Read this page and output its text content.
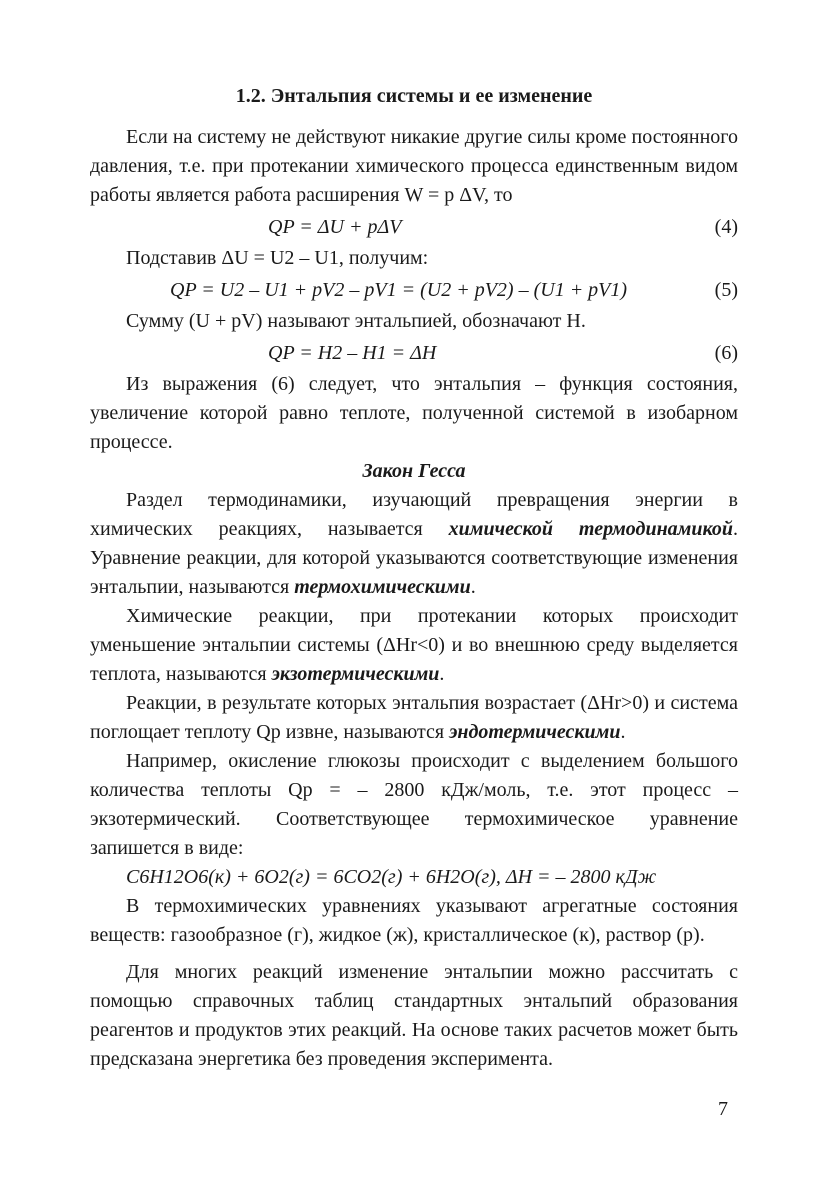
1.2. Энтальпия системы и ее изменение

Если на систему не действуют никакие другие силы кроме постоянного давления, т.е. при протекании химического процесса единственным видом работы является работа расширения W = p ΔV, то

QP = ΔU + pΔV	(4)

Подставив ΔU = U2 – U1, получим:

QP = U2 – U1 + pV2 – pV1 = (U2 + pV2) – (U1 + pV1)	(5)

Сумму (U + pV) называют энтальпией, обозначают H.

QP = H2 – H1 = ΔH	(6)

Из выражения (6) следует, что энтальпия – функция состояния, увеличение которой равно теплоте, полученной системой в изобарном процессе.

Закон Гесса

Раздел термодинамики, изучающий превращения энергии в химических реакциях, называется химической термодинамикой. Уравнение реакции, для которой указываются соответствующие изменения энтальпии, называются термохимическими.

Химические реакции, при протекании которых происходит уменьшение энтальпии системы (ΔHr<0) и во внешнюю среду выделяется теплота, называются экзотермическими.

Реакции, в результате которых энтальпия возрастает (ΔHr>0) и система поглощает теплоту Qp извне, называются эндотермическими.

Например, окисление глюкозы происходит с выделением большого количества теплоты Qp = – 2800 кДж/моль, т.е. этот процесс – экзотермический. Соответствующее термохимическое уравнение запишется в виде:

C6H12O6(к) + 6O2(г) = 6CO2(г) + 6H2O(г), ΔH = – 2800 кДж

В термохимических уравнениях указывают агрегатные состояния веществ: газообразное (г), жидкое (ж), кристаллическое (к), раствор (р).

Для многих реакций изменение энтальпии можно рассчитать с помощью справочных таблиц стандартных энтальпий образования реагентов и продуктов этих реакций. На основе таких расчетов может быть предсказана энергетика без проведения эксперимента.

7
